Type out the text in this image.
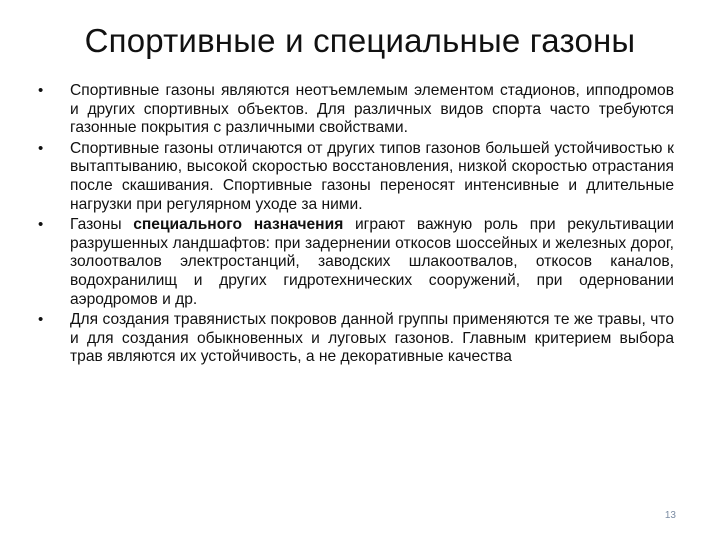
Спортивные и специальные газоны
•	Спортивные газоны являются неотъемлемым элементом стадионов, ипподромов и других спортивных объектов. Для различных видов спорта часто требуются газонные покрытия с различными свойствами.
•	Спортивные газоны отличаются от других типов газонов большей устойчивостью к вытаптыванию, высокой скоростью восстановления, низкой скоростью отрастания после скашивания. Спортивные газоны переносят интенсивные и длительные нагрузки при регулярном уходе за ними.
•	Газоны специального назначения играют важную роль при рекультивации разрушенных ландшафтов: при задернении откосов шоссейных и железных дорог, золоотвалов электростанций, заводских шлакоотвалов, откосов каналов, водохранилищ и других гидротехнических сооружений, при одерновании аэродромов и др.
•	Для создания травянистых покровов данной группы применяются те же травы, что и для создания обыкновенных и луговых газонов. Главным критерием выбора трав являются их устойчивость, а не декоративные качества
13
